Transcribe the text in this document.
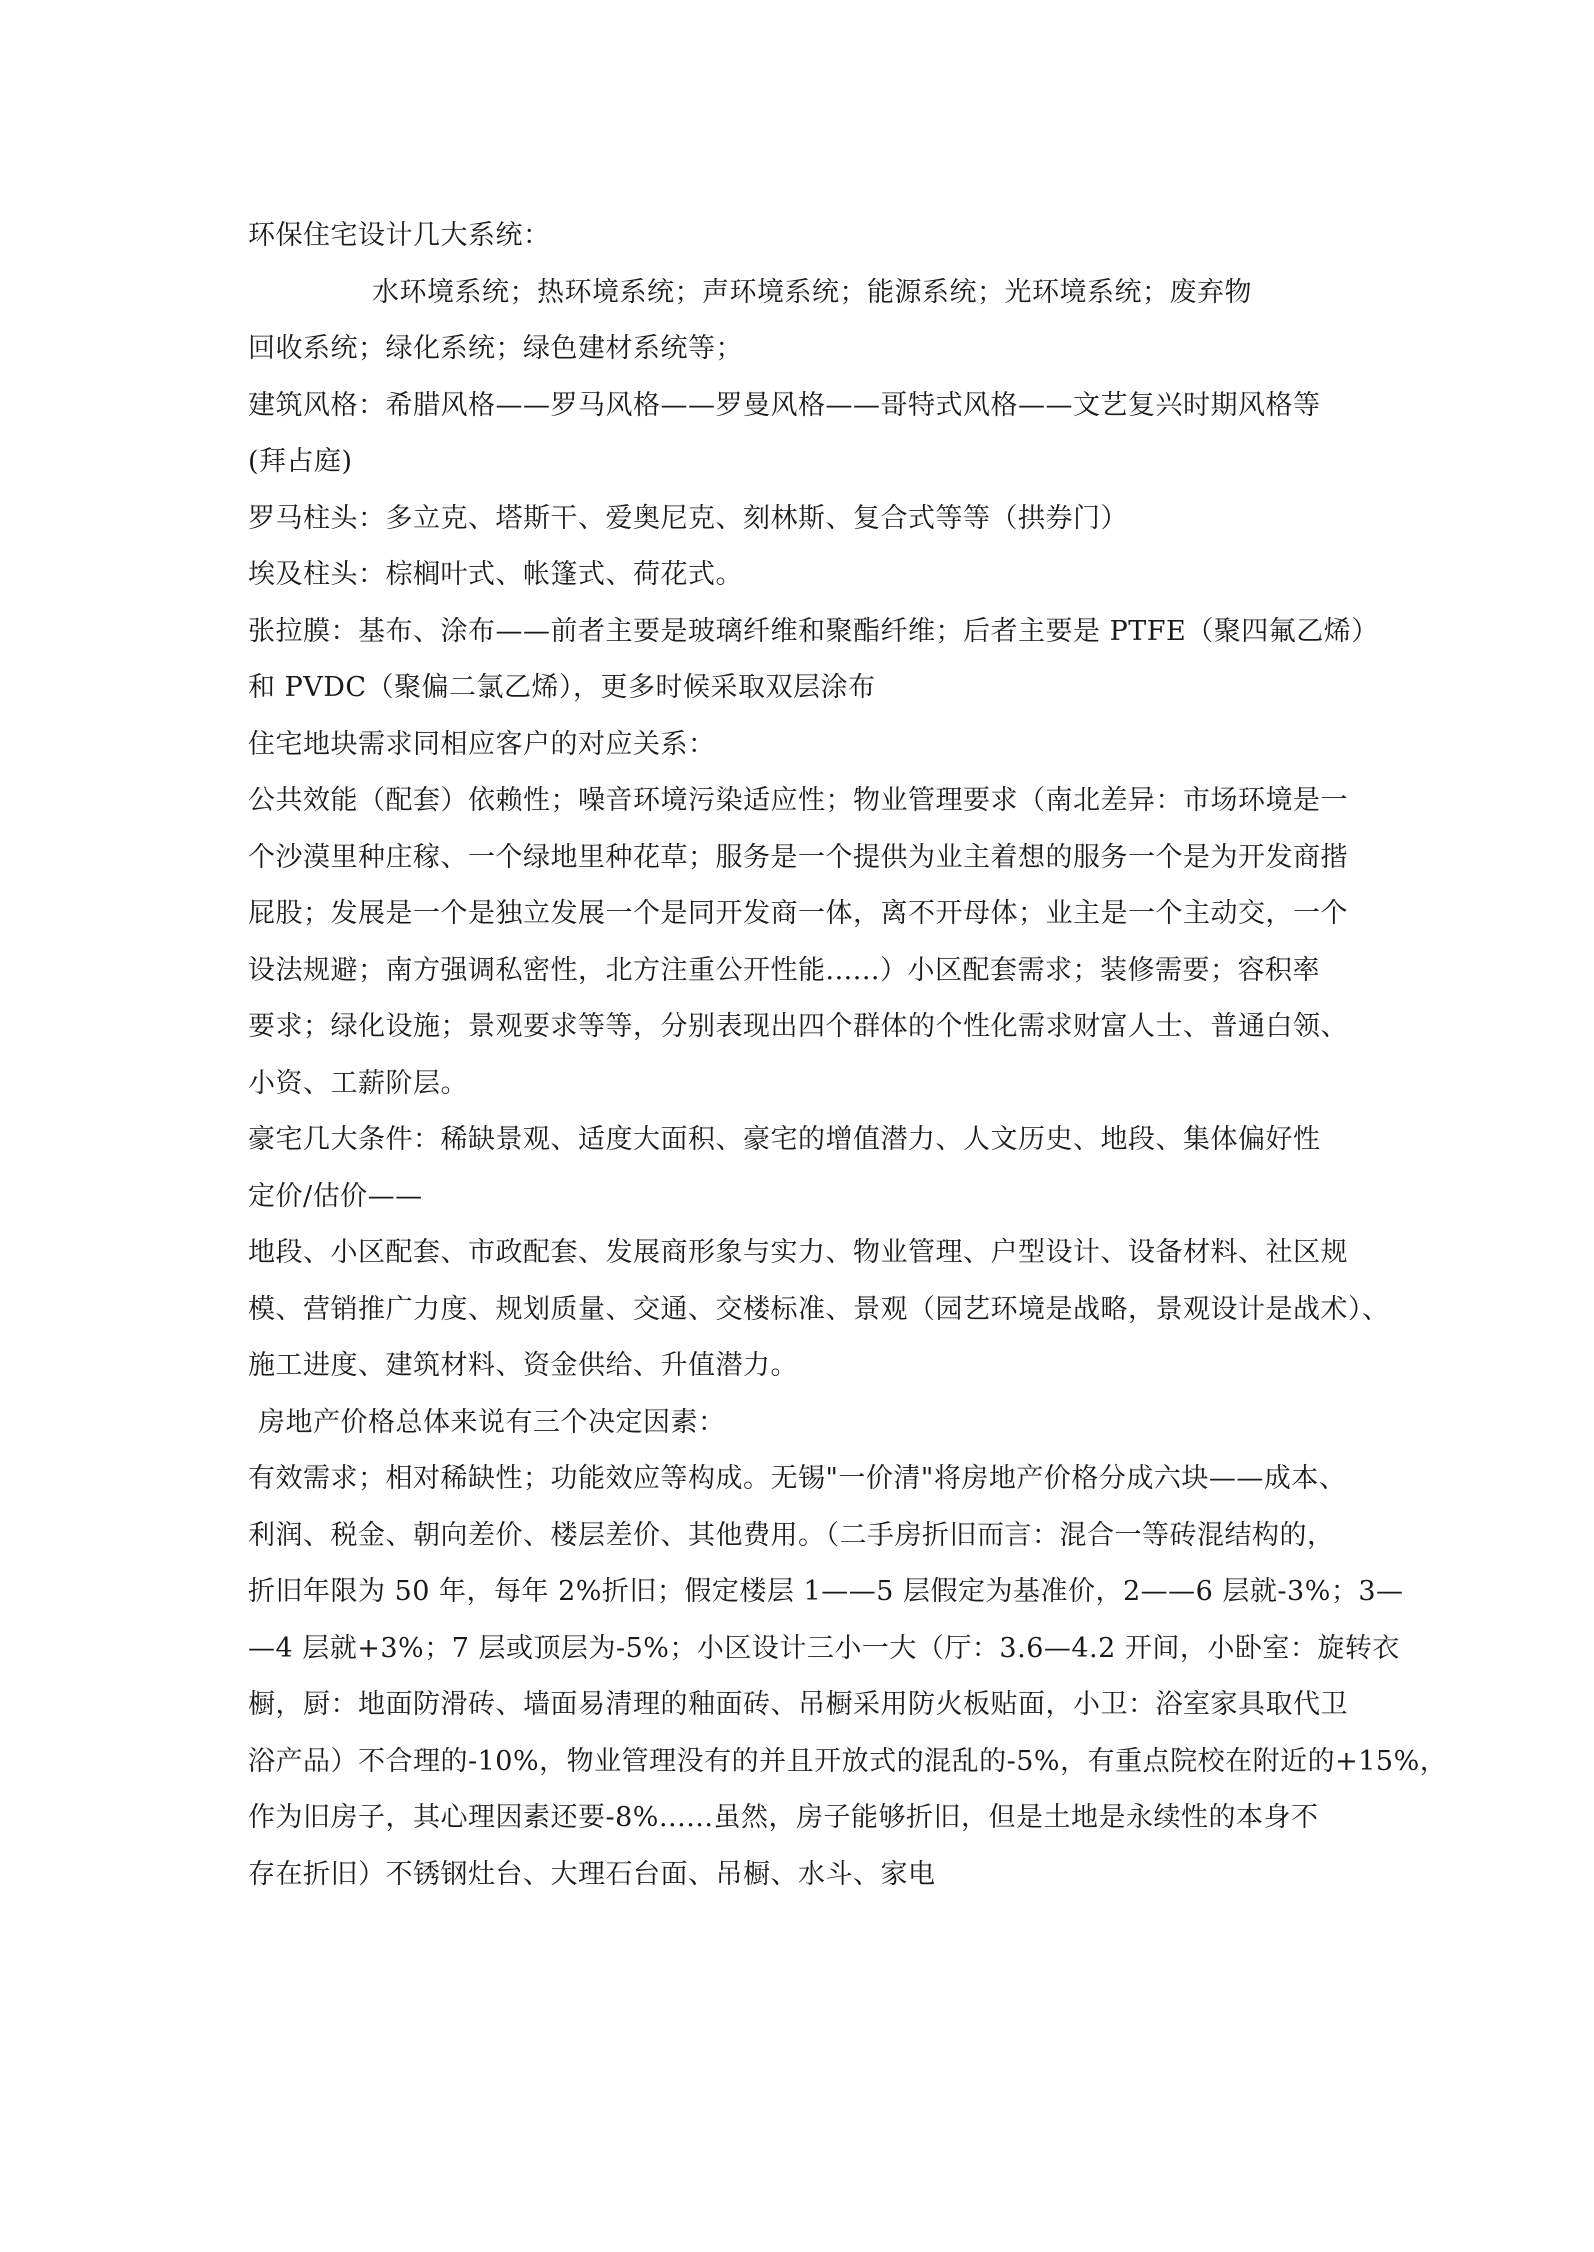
环保住宅设计几大系统：
水环境系统；热环境系统；声环境系统；能源系统；光环境系统；废弃物
回收系统；绿化系统；绿色建材系统等；
建筑风格：希腊风格——罗马风格——罗曼风格——哥特式风格——文艺复兴时期风格等
(拜占庭)
罗马柱头：多立克、塔斯干、爱奥尼克、刻林斯、复合式等等（拱券门）
埃及柱头：棕榈叶式、帐篷式、荷花式。
张拉膜：基布、涂布——前者主要是玻璃纤维和聚酯纤维；后者主要是 PTFE（聚四氟乙烯）
和 PVDC（聚偏二氯乙烯），更多时候采取双层涂布
住宅地块需求同相应客户的对应关系：
公共效能（配套）依赖性；噪音环境污染适应性；物业管理要求（南北差异：市场环境是一
个沙漠里种庄稼、一个绿地里种花草；服务是一个提供为业主着想的服务一个是为开发商揩
屁股；发展是一个是独立发展一个是同开发商一体，离不开母体；业主是一个主动交，一个
设法规避；南方强调私密性，北方注重公开性能......）小区配套需求；装修需要；容积率
要求；绿化设施；景观要求等等，分别表现出四个群体的个性化需求财富人士、普通白领、
小资、工薪阶层。
豪宅几大条件：稀缺景观、适度大面积、豪宅的增值潜力、人文历史、地段、集体偏好性
定价/估价——
地段、小区配套、市政配套、发展商形象与实力、物业管理、户型设计、设备材料、社区规
模、营销推广力度、规划质量、交通、交楼标准、景观（园艺环境是战略，景观设计是战术）、
施工进度、建筑材料、资金供给、升值潜力。
房地产价格总体来说有三个决定因素：
有效需求；相对稀缺性；功能效应等构成。无锡"一价清"将房地产价格分成六块——成本、
利润、税金、朝向差价、楼层差价、其他费用。（二手房折旧而言：混合一等砖混结构的，
折旧年限为 50 年，每年 2%折旧；假定楼层 1——5 层假定为基准价，2——6 层就-3%；3—
—4 层就+3%；7 层或顶层为-5%；小区设计三小一大（厅：3.6—4.2 开间，小卧室：旋转衣
橱，厨：地面防滑砖、墙面易清理的釉面砖、吊橱采用防火板贴面，小卫：浴室家具取代卫
浴产品）不合理的-10%，物业管理没有的并且开放式的混乱的-5%，有重点院校在附近的+15%，
作为旧房子，其心理因素还要-8%......虽然，房子能够折旧，但是土地是永续性的本身不
存在折旧）不锈钢灶台、大理石台面、吊橱、水斗、家电
